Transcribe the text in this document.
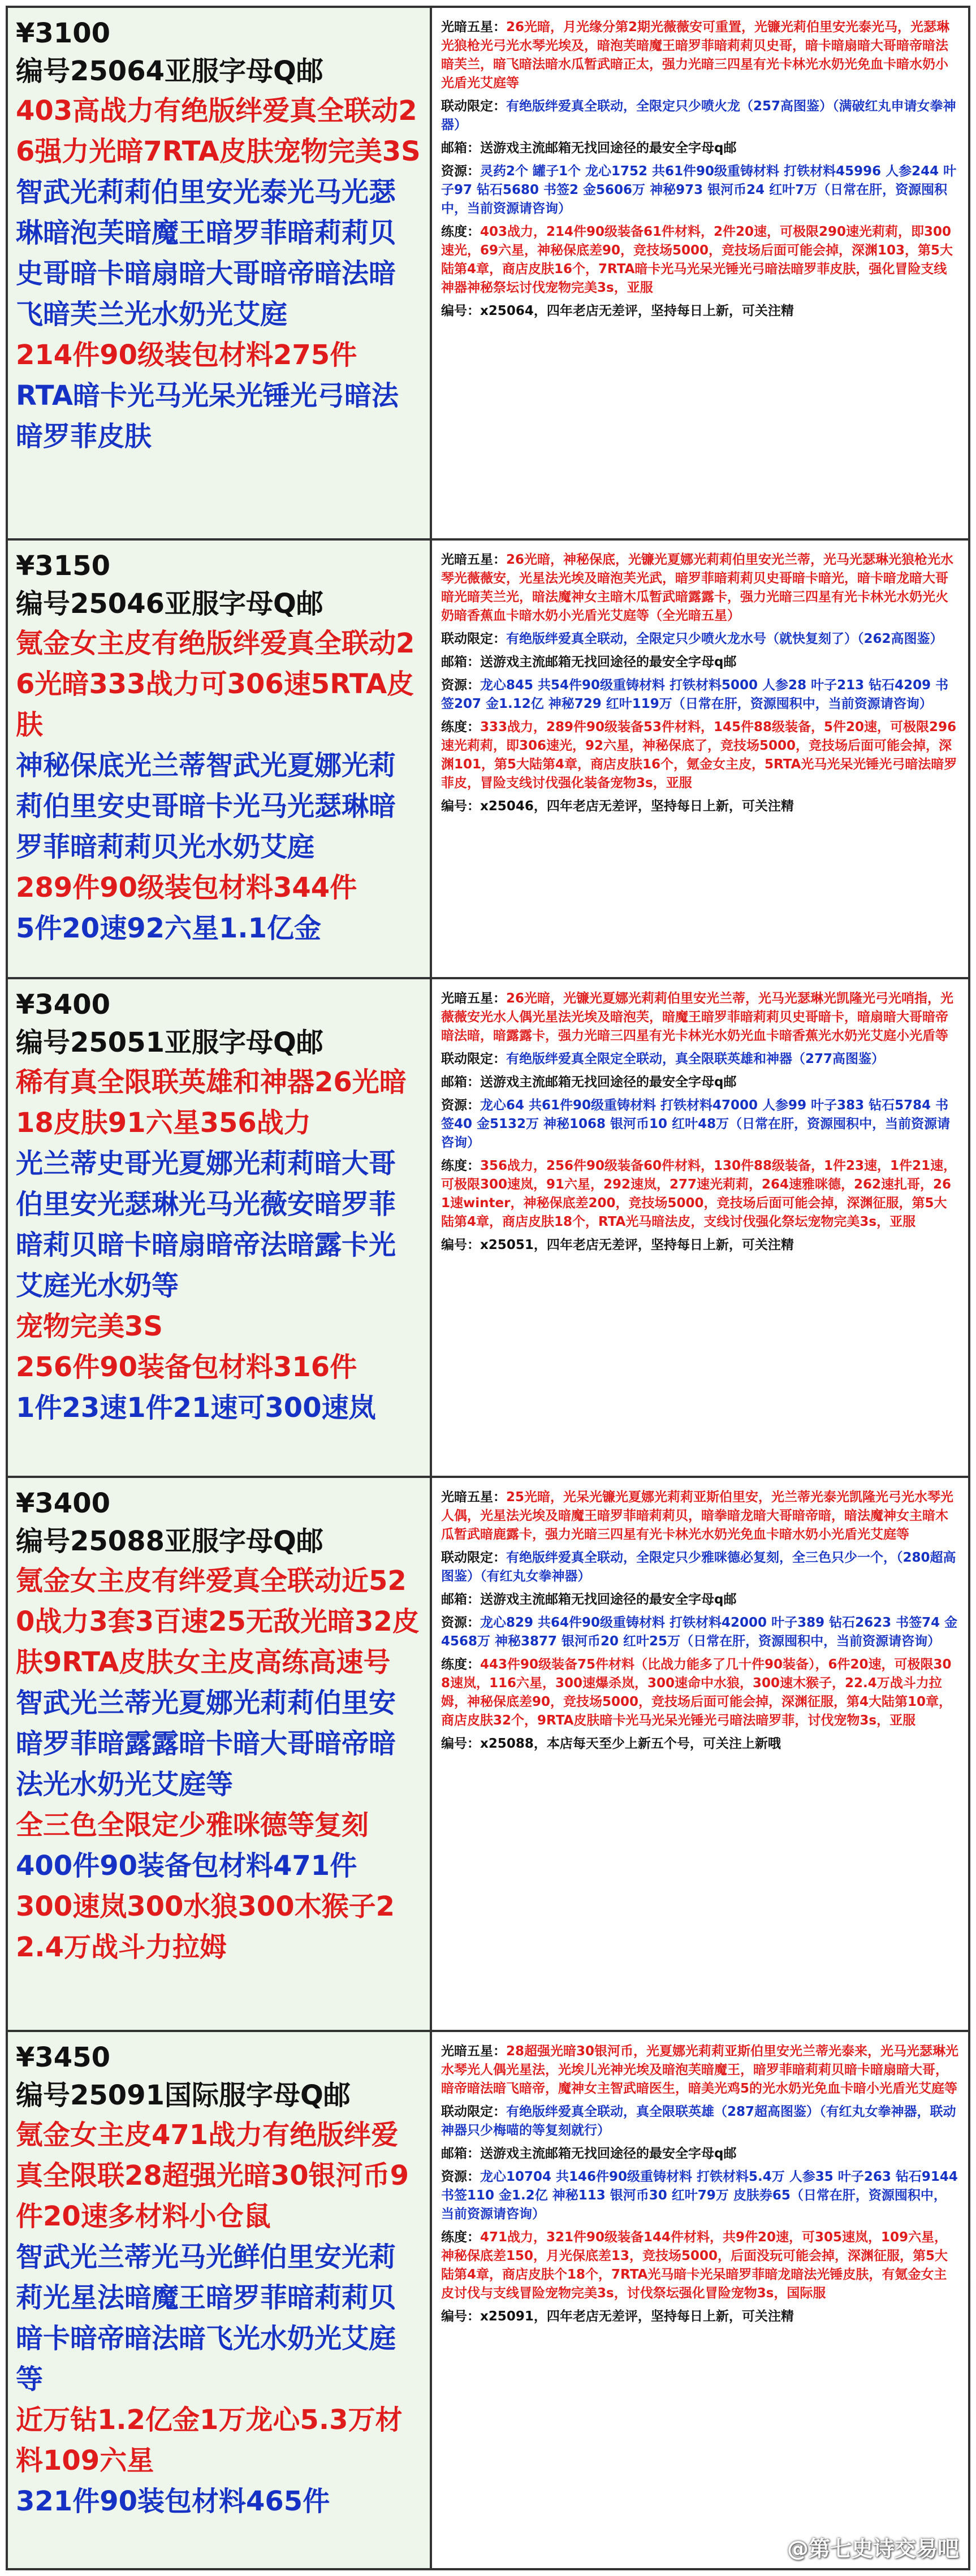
¥3100
编号25064亚服字母Q邮
403高战力有绝版绊爱真全联动26强力光暗7RTA皮肤宠物完美3S
智武光莉莉伯里安光泰光马光瑟琳暗泡芙暗魔王暗罗菲暗莉莉贝史哥暗卡暗扇暗大哥暗帝暗法暗飞暗芙兰光水奶光艾庭
214件90级装包材料275件
RTA暗卡光马光呆光锤光弓暗法暗罗菲皮肤
光暗五星：26光暗，月光缘分第2期光薇薇安可重置，光镰光莉伯里安光泰光马，光瑟琳光狼枪光弓光水琴光埃及，暗泡芙暗魔王暗罗菲暗莉莉贝史哥，暗卡暗扇暗大哥暗帝暗法暗芙兰，暗飞暗法暗水瓜暂武暗正太，强力光暗三四星有光卡林光水奶光免血卡暗水奶小光盾光艾庭等
联动限定：有绝版绊爱真全联动，全限定只少喷火龙（257高图鉴）（满破红丸申请女拳神器）
邮箱：送游戏主流邮箱无找回途径的最安全字母q邮
资源：灵药2个 罐子1个 龙心1752 共61件90级重铸材料 打铁材料45996 人参244 叶子97 钻石5680 书签2 金5606万 神秘973 银河币24 红叶7万（日常在肝，资源囤积中，当前资源请咨询）
练度：403战力，214件90级装备61件材料，2件20速，可极限290速光莉莉，即300速光，69六星，神秘保底差90，竞技场5000，竞技场后面可能会掉，深渊103，第5大陆第4章，商店皮肤16个，7RTA暗卡光马光呆光锤光弓暗法暗罗菲皮肤，强化冒险支线神器神秘祭坛讨伐宠物完美3s，亚服
编号：x25064，四年老店无差评，坚持每日上新，可关注精
¥3150
编号25046亚服字母Q邮
氪金女主皮有绝版绊爱真全联动26光暗333战力可306速5RTA皮肤
神秘保底光兰蒂智武光夏娜光莉莉伯里安史哥暗卡光马光瑟琳暗罗菲暗莉莉贝光水奶艾庭
289件90级装包材料344件
5件20速92六星1.1亿金
光暗五星：26光暗，神秘保底，光镰光夏娜光莉莉伯里安光兰蒂，光马光瑟琳光狼枪光水琴光薇薇安，光星法光埃及暗泡芙光武，暗罗菲暗莉莉贝史哥暗卡暗光，暗卡暗龙暗大哥暗光暗芙兰光，暗法魔神女主暗木瓜暂武暗露露卡，强力光暗三四星有光卡林光水奶光火奶暗香蕉血卡暗水奶小光盾光艾庭等（全光暗五星）
联动限定：有绝版绊爱真全联动，全限定只少喷火龙水号（就快复刻了）（262高图鉴）
邮箱：送游戏主流邮箱无找回途径的最安全字母q邮
资源：龙心845 共54件90级重铸材料 打铁材料5000 人参28 叶子213 钻石4209 书签207 金1.12亿 神秘729 红叶119万（日常在肝，资源囤积中，当前资源请咨询）
练度：333战力，289件90级装备53件材料，145件88级装备，5件20速，可极限296速光莉莉，即306速光，92六星，神秘保底了，竞技场5000，竞技场后面可能会掉，深渊101，第5大陆第4章，商店皮肤16个，氪金女主皮，5RTA光马光呆光锤光弓暗法暗罗菲皮，冒险支线讨伐强化装备宠物3s，亚服
编号：x25046，四年老店无差评，坚持每日上新，可关注精
¥3400
编号25051亚服字母Q邮
稀有真全限联英雄和神器26光暗18皮肤91六星356战力
光兰蒂史哥光夏娜光莉莉暗大哥伯里安光瑟琳光马光薇安暗罗菲暗莉贝暗卡暗扇暗帝法暗露卡光艾庭光水奶等
宠物完美3S
256件90装备包材料316件
1件23速1件21速可300速岚
光暗五星：26光暗，光镰光夏娜光莉莉伯里安光兰蒂，光马光瑟琳光凯隆光弓光哨指，光薇薇安光水人偶光星法光埃及暗泡芙，暗魔王暗罗菲暗莉莉贝史哥暗卡，暗扇暗大哥暗帝暗法暗，暗露露卡，强力光暗三四星有光卡林光水奶光血卡暗香蕉光水奶光艾庭小光盾等
联动限定：有绝版绊爱真全限定全联动，真全限联英雄和神器（277高图鉴）
邮箱：送游戏主流邮箱无找回途径的最安全字母q邮
资源：龙心64 共61件90级重铸材料 打铁材料47000 人参99 叶子383 钻石5784 书签40 金5132万 神秘1068 银河币10 红叶48万（日常在肝，资源囤积中，当前资源请咨询）
练度：356战力，256件90级装备60件材料，130件88级装备，1件23速，1件21速，可极限300速岚，91六星，292速岚，277速光莉莉，264速雅咪德，262速扎哥，261速winter，神秘保底差200，竞技场5000，竞技场后面可能会掉，深渊征服，第5大陆第4章，商店皮肤18个，RTA光马暗法皮，支线讨伐强化祭坛宠物完美3s，亚服
编号：x25051，四年老店无差评，坚持每日上新，可关注精
¥3400
编号25088亚服字母Q邮
氪金女主皮有绊爱真全联动近520战力3套3百速25无敌光暗32皮肤9RTA皮肤女主皮高练高速号
智武光兰蒂光夏娜光莉莉伯里安暗罗菲暗露露暗卡暗大哥暗帝暗法光水奶光艾庭等
全三色全限定少雅咪德等复刻
400件90装备包材料471件
300速岚300水狼300木猴子22.4万战斗力拉姆
光暗五星：25光暗，光呆光镰光夏娜光莉莉亚斯伯里安，光兰蒂光泰光凯隆光弓光水琴光人偶，光星法光埃及暗魔王暗罗菲暗莉莉贝，暗拳暗龙暗大哥暗帝暗，暗法魔神女主暗木瓜暂武暗鹿露卡，强力光暗三四星有光卡林光水奶光免血卡暗水奶小光盾光艾庭等
联动限定：有绝版绊爱真全联动，全限定只少雅咪德必复刻，全三色只少一个，（280超高图鉴）（有红丸女拳神器）
邮箱：送游戏主流邮箱无找回途径的最安全字母q邮
资源：龙心829 共64件90级重铸材料 打铁材料42000 叶子389 钻石2623 书签74 金4568万 神秘3877 银河币20 红叶25万（日常在肝，资源囤积中，当前资源请咨询）
练度：443件90级装备75件材料（比战力能多了几十件90装备），6件20速，可极限308速岚，116六星，300速爆杀岚，300速命中水狼，300速木猴子，22.4万战斗力拉姆，神秘保底差90，竞技场5000，竞技场后面可能会掉，深渊征服，第4大陆第10章，商店皮肤32个，9RTA皮肤暗卡光马光呆光锤光弓暗法暗罗菲，讨伐宠物3s，亚服
编号：x25088，本店每天至少上新五个号，可关注上新哦
¥3450
编号25091国际服字母Q邮
氪金女主皮471战力有绝版绊爱真全限联28超强光暗30银河币9件20速多材料小仓鼠
智武光兰蒂光马光鲜伯里安光莉莉光星法暗魔王暗罗菲暗莉莉贝暗卡暗帝暗法暗飞光水奶光艾庭等
近万钻1.2亿金1万龙心5.3万材料109六星
321件90装包材料465件
光暗五星：28超强光暗30银河币，光夏娜光莉莉亚斯伯里安光兰蒂光泰来，光马光瑟琳光水琴光人偶光星法，光埃儿光神光埃及暗泡芙暗魔王，暗罗菲暗莉莉贝暗卡暗扇暗大哥，暗帝暗法暗飞暗帝，魔神女主智武暗医生，暗美光鸡5的光水奶光免血卡暗小光盾光艾庭等
联动限定：有绝版绊爱真全联动，真全限联英雄（287超高图鉴）（有红丸女拳神器，联动神器只少梅喵的等复刻就行）
邮箱：送游戏主流邮箱无找回途径的最安全字母q邮
资源：龙心10704 共146件90级重铸材料 打铁材料5.4万 人参35 叶子263 钻石9144 书签110 金1.2亿 神秘113 银河币30 红叶79万 皮肤券65（日常在肝，资源囤积中，当前资源请咨询）
练度：471战力，321件90级装备144件材料，共9件20速，可305速岚，109六星，神秘保底差150，月光保底差13，竞技场5000，后面没玩可能会掉，深渊征服，第5大陆第4章，商店皮肤个18个，7RTA光马暗卡光呆暗罗菲暗龙暗法光锤皮肤，有氪金女主皮讨伐与支线冒险宠物完美3s，讨伐祭坛强化冒险宠物3s，国际服
编号：x25091，四年老店无差评，坚持每日上新，可关注精
@第七史诗交易吧
